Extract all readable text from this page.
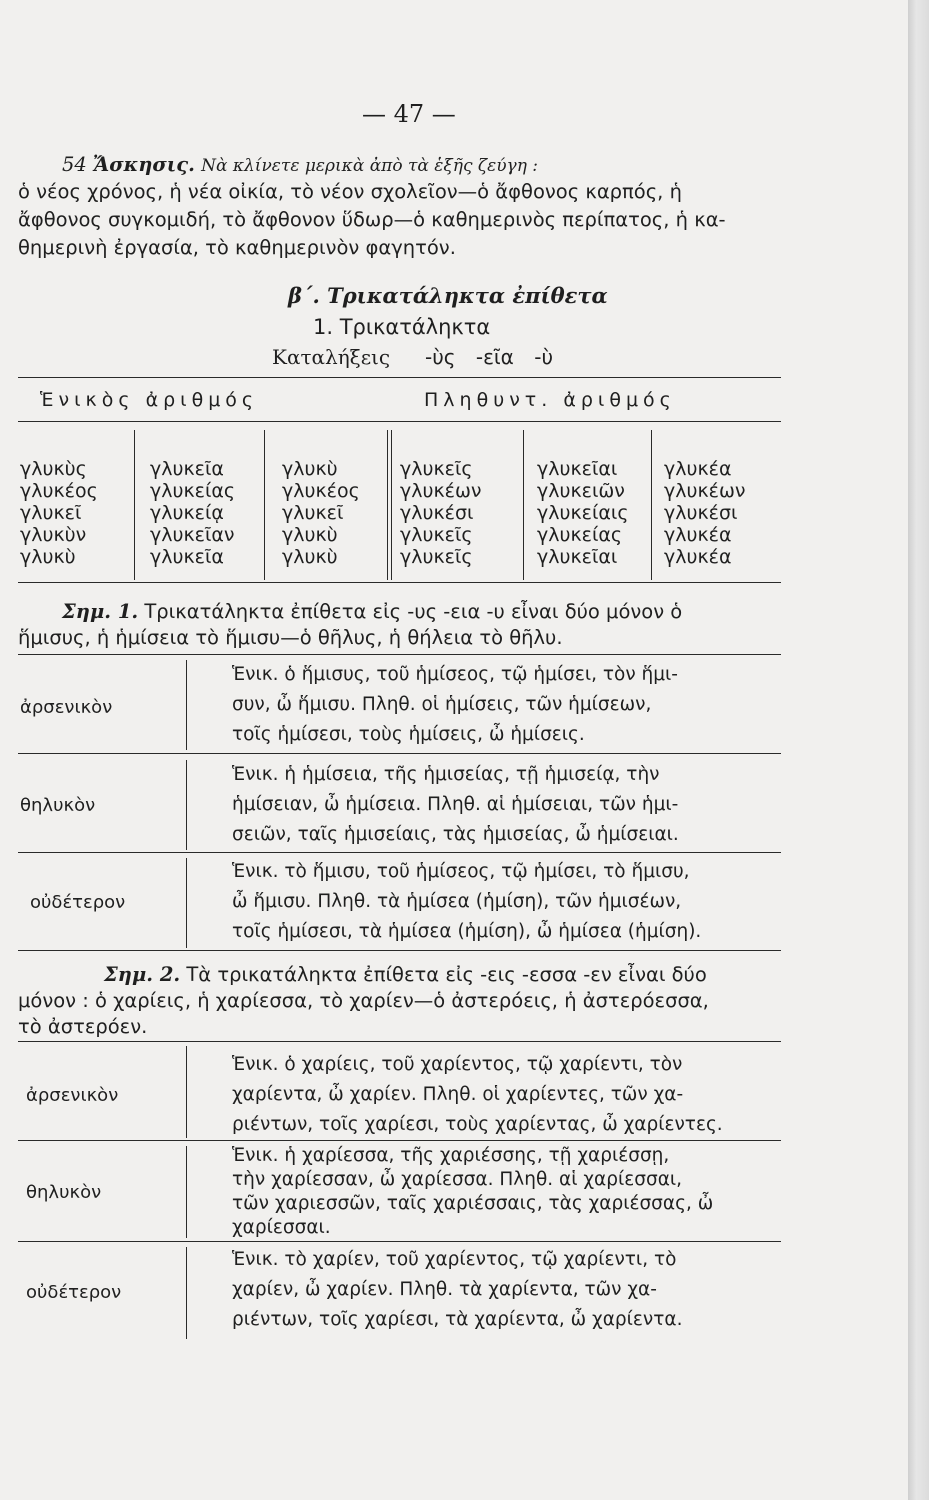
— 47 —
54 Ἄσκησις. Νὰ κλίνετε μερικὰ ἀπὸ τὰ ἑξῆς ζεύγη :
ὁ νέος χρόνος, ἡ νέα οἰκία, τὸ νέον σχολεῖον—ὁ ἄφθονος καρπός, ἡ
ἄφθονος συγκομιδή, τὸ ἄφθονον ὕδωρ—ὁ καθημερινὸς περίπατος, ἡ κα-
θημερινὴ ἐργασία, τὸ καθημερινὸν φαγητόν.
β΄. Τρικατάληκτα ἐπίθετα
1. Τρικατάληκτα
Καταλήξεις -ὺς -εῖα -ὺ
Ἑνικὸς ἀριθμός	Πληθυντ. ἀριθμός
γλυκὺς
γλυκέος
γλυκεῖ
γλυκὺν
γλυκὺ
γλυκεῖα
γλυκείας
γλυκείᾳ
γλυκεῖαν
γλυκεῖα
γλυκὺ
γλυκέος
γλυκεῖ
γλυκὺ
γλυκὺ
γλυκεῖς
γλυκέων
γλυκέσι
γλυκεῖς
γλυκεῖς
γλυκεῖαι
γλυκειῶν
γλυκείαις
γλυκείας
γλυκεῖαι
γλυκέα
γλυκέων
γλυκέσι
γλυκέα
γλυκέα
Σημ. 1. Τρικατάληκτα ἐπίθετα εἰς -υς -εια -υ εἶναι δύο μόνον ὁ
ἥμισυς, ἡ ἡμίσεια τὸ ἥμισυ—ὁ θῆλυς, ἡ θήλεια τὸ θῆλυ.
ἀρσενικὸν
Ἑνικ. ὁ ἥμισυς, τοῦ ἡμίσεος, τῷ ἡμίσει, τὸν ἥμι-
συν, ὦ ἥμισυ. Πληθ. οἱ ἡμίσεις, τῶν ἡμίσεων,
τοῖς ἡμίσεσι, τοὺς ἡμίσεις, ὦ ἡμίσεις.
θηλυκὸν
Ἑνικ. ἡ ἡμίσεια, τῆς ἡμισείας, τῇ ἡμισείᾳ, τὴν
ἡμίσειαν, ὦ ἡμίσεια. Πληθ. αἱ ἡμίσειαι, τῶν ἡμι-
σειῶν, ταῖς ἡμισείαις, τὰς ἡμισείας, ὦ ἡμίσειαι.
οὐδέτερον
Ἑνικ. τὸ ἥμισυ, τοῦ ἡμίσεος, τῷ ἡμίσει, τὸ ἥμισυ,
ὦ ἥμισυ. Πληθ. τὰ ἡμίσεα (ἡμίση), τῶν ἡμισέων,
τοῖς ἡμίσεσι, τὰ ἡμίσεα (ἡμίση), ὦ ἡμίσεα (ἡμίση).
Σημ. 2. Τὰ τρικατάληκτα ἐπίθετα εἰς -εις -εσσα -εν εἶναι δύο
μόνον : ὁ χαρίεις, ἡ χαρίεσσα, τὸ χαρίεν—ὁ ἀστερόεις, ἡ ἀστερόεσσα,
τὸ ἀστερόεν.
ἀρσενικὸν
Ἑνικ. ὁ χαρίεις, τοῦ χαρίεντος, τῷ χαρίεντι, τὸν
χαρίεντα, ὦ χαρίεν. Πληθ. οἱ χαρίεντες, τῶν χα-
ριέντων, τοῖς χαρίεσι, τοὺς χαρίεντας, ὦ χαρίεντες.
θηλυκὸν
Ἑνικ. ἡ χαρίεσσα, τῆς χαριέσσης, τῇ χαριέσσῃ,
τὴν χαρίεσσαν, ὦ χαρίεσσα. Πληθ. αἱ χαρίεσσαι,
τῶν χαριεσσῶν, ταῖς χαριέσσαις, τὰς χαριέσσας, ὦ
χαρίεσσαι.
οὐδέτερον
Ἑνικ. τὸ χαρίεν, τοῦ χαρίεντος, τῷ χαρίεντι, τὸ
χαρίεν, ὦ χαρίεν. Πληθ. τὰ χαρίεντα, τῶν χα-
ριέντων, τοῖς χαρίεσι, τὰ χαρίεντα, ὦ χαρίεντα.
